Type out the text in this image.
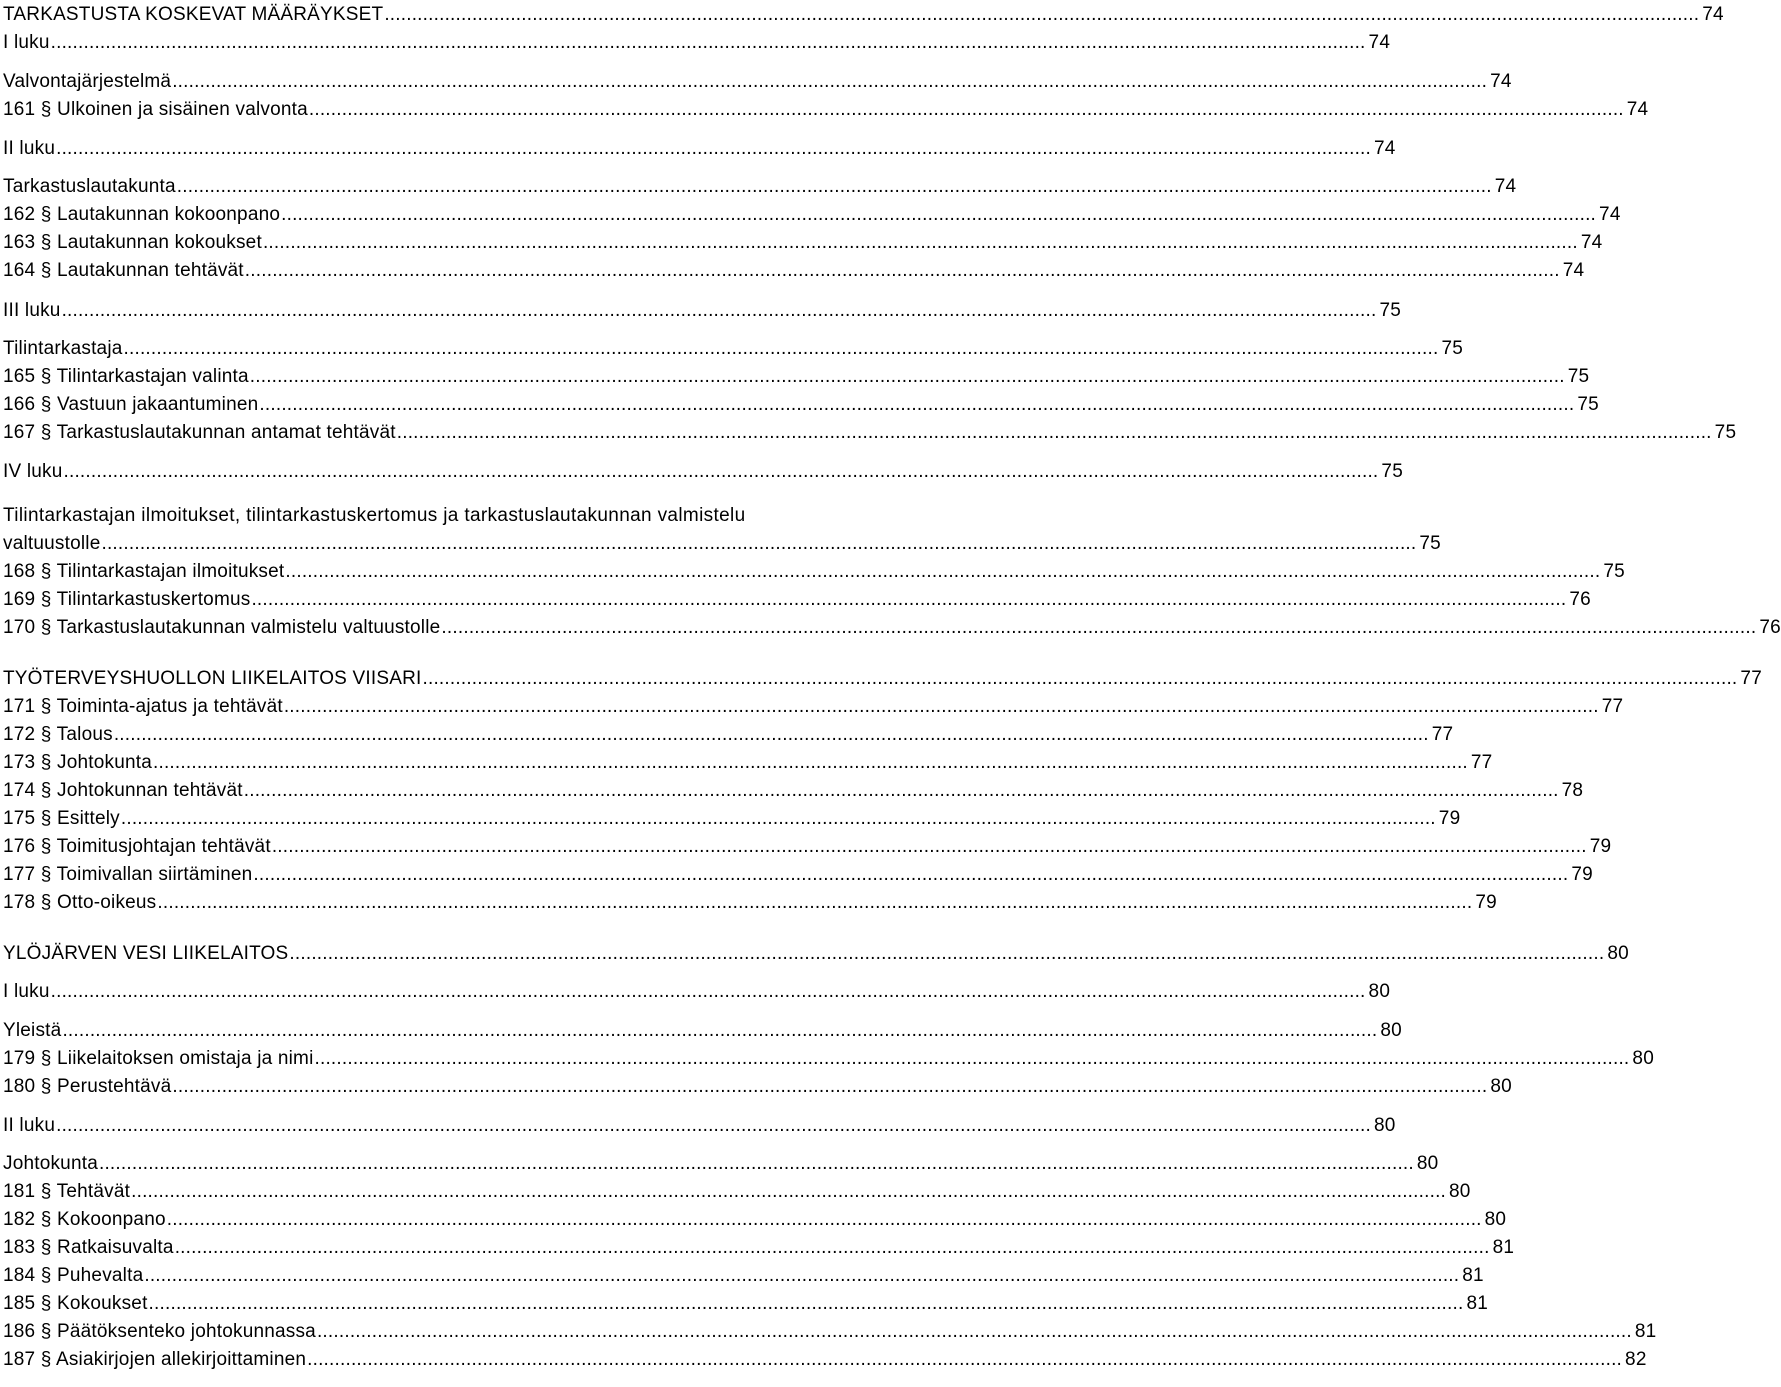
TARKASTUSTA KOSKEVAT MÄÄRÄYKSET ................................................................................................................................................................................................................................................ 74
I luku ................................................................................................................................................................................................................................................ 74
Valvontajärjestelmä ................................................................................................................................................................................................................................................ 74
161 § Ulkoinen ja sisäinen valvonta ................................................................................................................................................................................................................................................ 74
II luku ................................................................................................................................................................................................................................................ 74
Tarkastuslautakunta ................................................................................................................................................................................................................................................ 74
162 § Lautakunnan kokoonpano ................................................................................................................................................................................................................................................ 74
163 § Lautakunnan kokoukset ................................................................................................................................................................................................................................................ 74
164 § Lautakunnan tehtävät ................................................................................................................................................................................................................................................ 74
III luku ................................................................................................................................................................................................................................................ 75
Tilintarkastaja ................................................................................................................................................................................................................................................ 75
165 § Tilintarkastajan valinta ................................................................................................................................................................................................................................................ 75
166 § Vastuun jakaantuminen ................................................................................................................................................................................................................................................ 75
167 § Tarkastuslautakunnan antamat tehtävät ................................................................................................................................................................................................................................................ 75
IV luku ................................................................................................................................................................................................................................................ 75
Tilintarkastajan ilmoitukset, tilintarkastuskertomus ja tarkastuslautakunnan valmistelu
valtuustolle ................................................................................................................................................................................................................................................ 75
168 § Tilintarkastajan ilmoitukset ................................................................................................................................................................................................................................................ 75
169 § Tilintarkastuskertomus ................................................................................................................................................................................................................................................ 76
170 § Tarkastuslautakunnan valmistelu valtuustolle ................................................................................................................................................................................................................................................ 76
TYÖTERVEYSHUOLLON LIIKELAITOS VIISARI ................................................................................................................................................................................................................................................ 77
171 § Toiminta-ajatus ja tehtävät ................................................................................................................................................................................................................................................ 77
172 § Talous ................................................................................................................................................................................................................................................ 77
173 § Johtokunta ................................................................................................................................................................................................................................................ 77
174 § Johtokunnan tehtävät ................................................................................................................................................................................................................................................ 78
175 § Esittely ................................................................................................................................................................................................................................................ 79
176 § Toimitusjohtajan tehtävät ................................................................................................................................................................................................................................................ 79
177 § Toimivallan siirtäminen ................................................................................................................................................................................................................................................ 79
178 § Otto-oikeus ................................................................................................................................................................................................................................................ 79
YLÖJÄRVEN VESI LIIKELAITOS ................................................................................................................................................................................................................................................ 80
I luku ................................................................................................................................................................................................................................................ 80
Yleistä ................................................................................................................................................................................................................................................ 80
179 § Liikelaitoksen omistaja ja nimi ................................................................................................................................................................................................................................................ 80
180 § Perustehtävä ................................................................................................................................................................................................................................................ 80
II luku ................................................................................................................................................................................................................................................ 80
Johtokunta ................................................................................................................................................................................................................................................ 80
181 § Tehtävät ................................................................................................................................................................................................................................................ 80
182 § Kokoonpano ................................................................................................................................................................................................................................................ 80
183 § Ratkaisuvalta ................................................................................................................................................................................................................................................ 81
184 § Puhevalta ................................................................................................................................................................................................................................................ 81
185 § Kokoukset ................................................................................................................................................................................................................................................ 81
186 § Päätöksenteko johtokunnassa ................................................................................................................................................................................................................................................ 81
187 § Asiakirjojen allekirjoittaminen ................................................................................................................................................................................................................................................ 82
